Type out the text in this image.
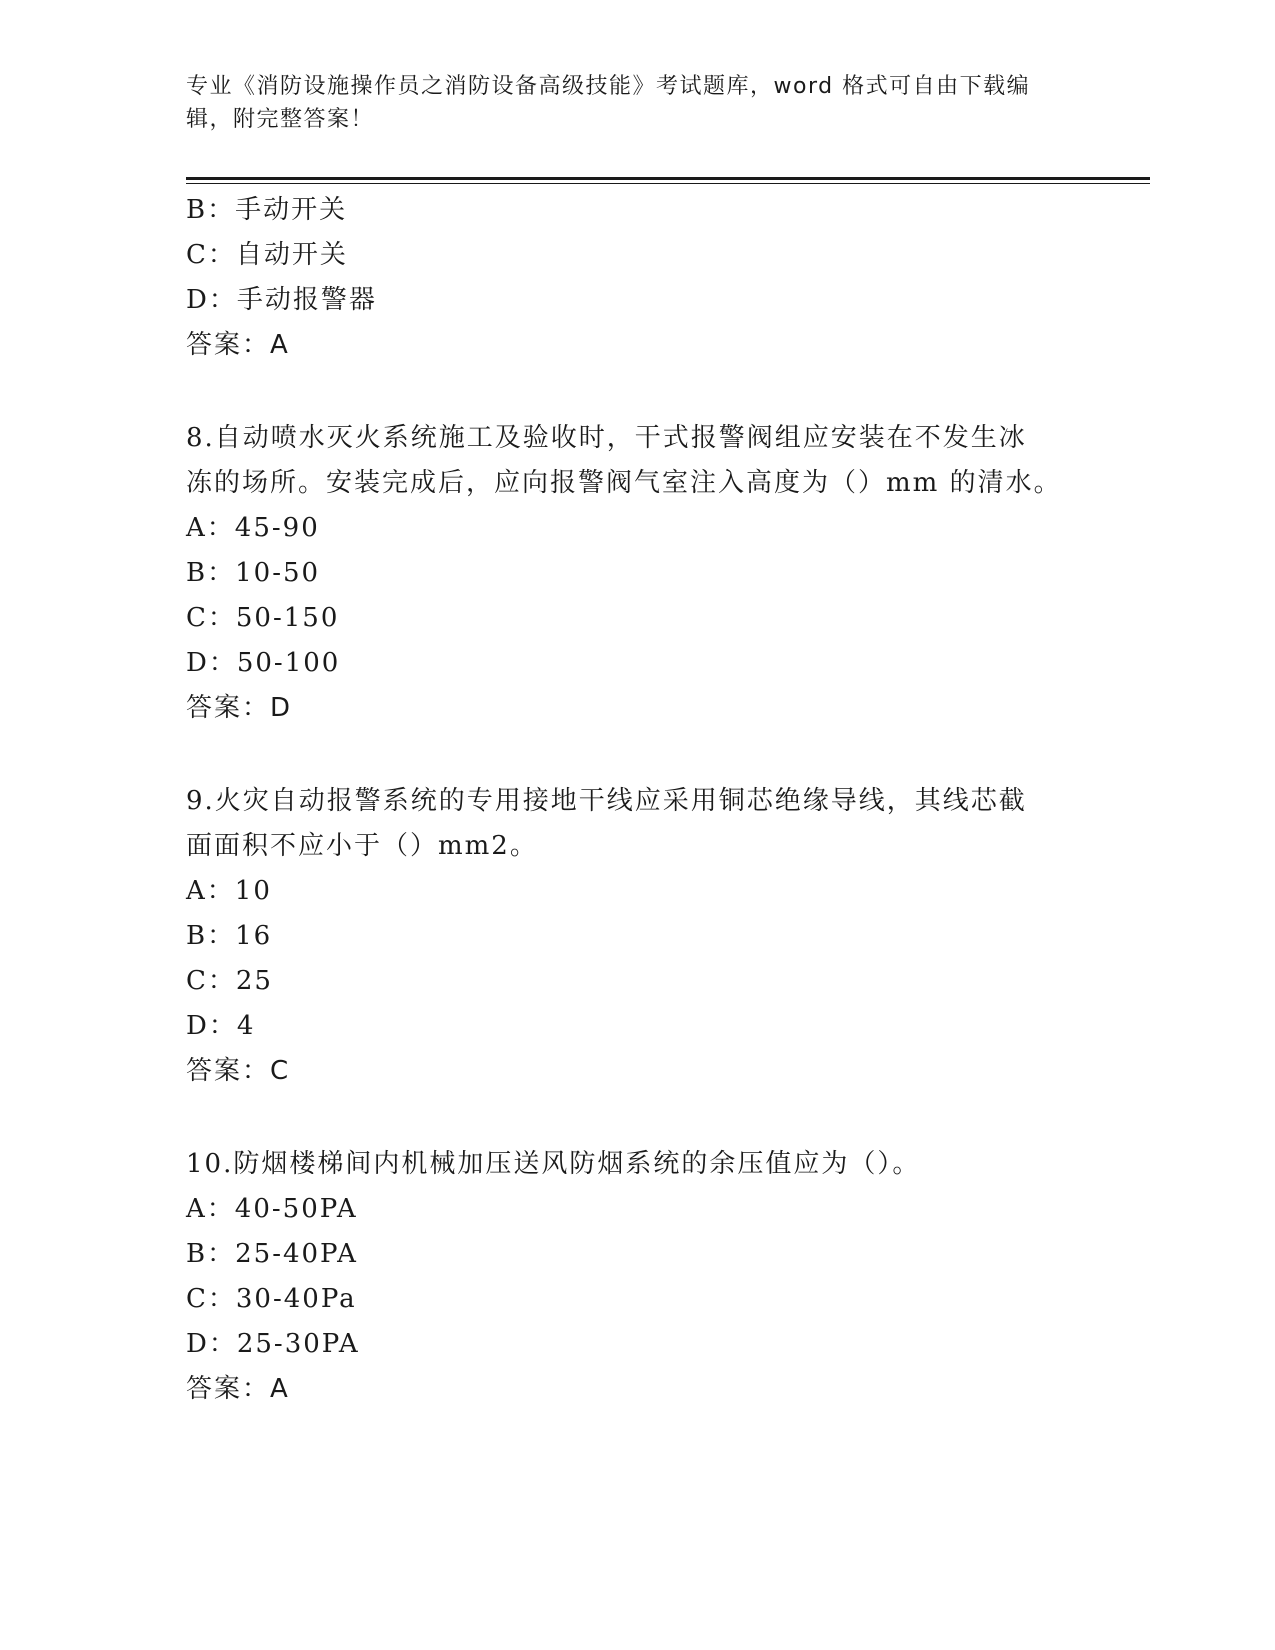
专业《消防设施操作员之消防设备高级技能》考试题库，word 格式可自由下载编
辑，附完整答案！
B：手动开关
C：自动开关
D：手动报警器
答案：A
8.自动喷水灭火系统施工及验收时，干式报警阀组应安装在不发生冰
冻的场所。安装完成后，应向报警阀气室注入高度为（）mm 的清水。
A：45-90
B：10-50
C：50-150
D：50-100
答案：D
9.火灾自动报警系统的专用接地干线应采用铜芯绝缘导线，其线芯截
面面积不应小于（）mm2。
A：10
B：16
C：25
D：4
答案：C
10.防烟楼梯间内机械加压送风防烟系统的余压值应为（）。
A：40-50PA
B：25-40PA
C：30-40Pa
D：25-30PA
答案：A
